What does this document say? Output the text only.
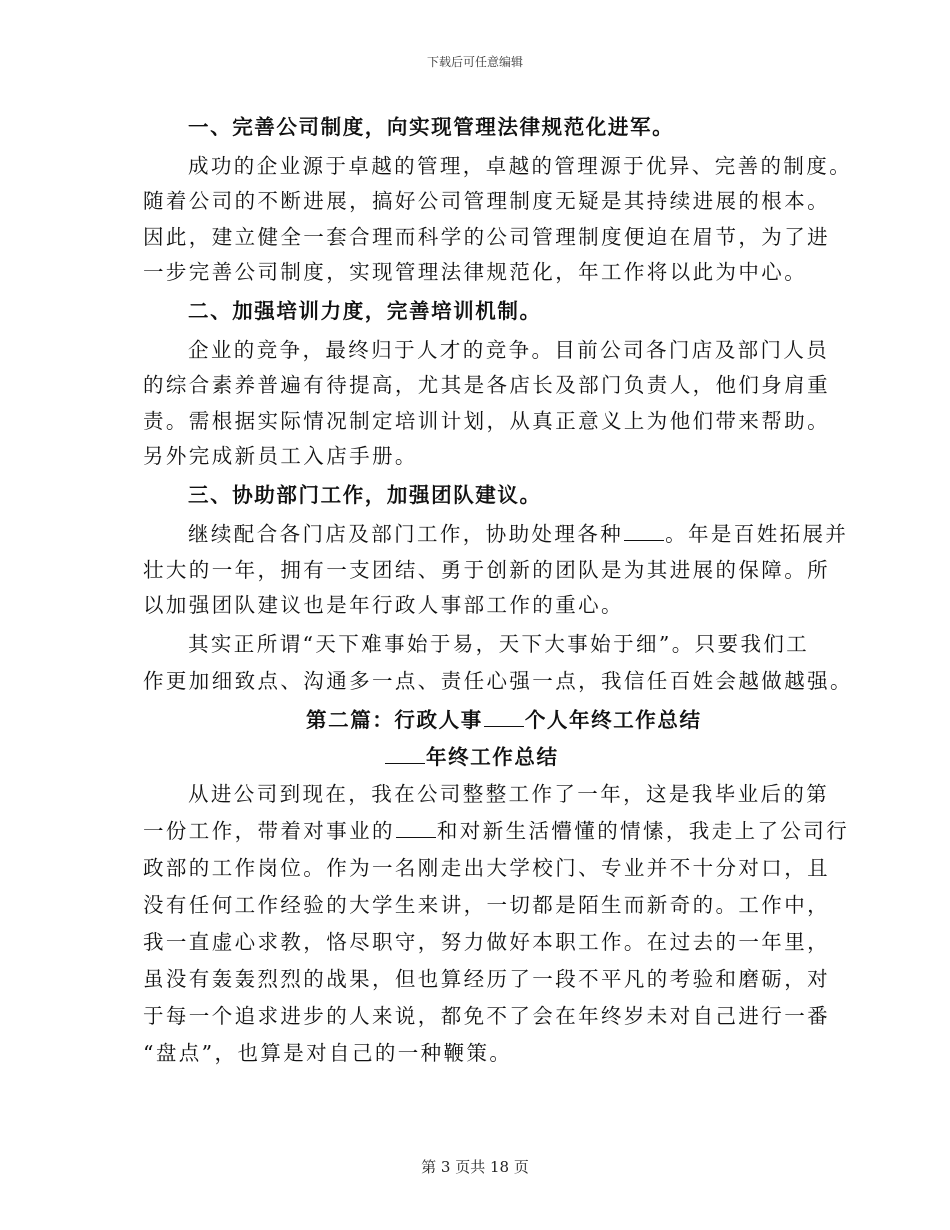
下载后可任意编辑
一、完善公司制度，向实现管理法律规范化进军。
成功的企业源于卓越的管理，卓越的管理源于优异、完善的制度。
随着公司的不断进展，搞好公司管理制度无疑是其持续进展的根本。
因此，建立健全一套合理而科学的公司管理制度便迫在眉节，为了进
一步完善公司制度，实现管理法律规范化，年工作将以此为中心。
二、加强培训力度，完善培训机制。
企业的竞争，最终归于人才的竞争。目前公司各门店及部门人员
的综合素养普遍有待提高，尤其是各店长及部门负责人，他们身肩重
责。需根据实际情况制定培训计划，从真正意义上为他们带来帮助。
另外完成新员工入店手册。
三、协助部门工作，加强团队建议。
继续配合各门店及部门工作，协助处理各种 。年是百姓拓展并
壮大的一年，拥有一支团结、勇于创新的团队是为其进展的保障。所
以加强团队建议也是年行政人事部工作的重心。
其实正所谓“天下难事始于易，天下大事始于细”。只要我们工
作更加细致点、沟通多一点、责任心强一点，我信任百姓会越做越强。
第二篇：行政人事 个人年终工作总结
年终工作总结
从进公司到现在，我在公司整整工作了一年，这是我毕业后的第
一份工作，带着对事业的 和对新生活懵懂的情愫，我走上了公司行
政部的工作岗位。作为一名刚走出大学校门、专业并不十分对口，且
没有任何工作经验的大学生来讲，一切都是陌生而新奇的。工作中，
我一直虚心求教，恪尽职守，努力做好本职工作。在过去的一年里，
虽没有轰轰烈烈的战果，但也算经历了一段不平凡的考验和磨砺，对
于每一个追求进步的人来说，都免不了会在年终岁未对自己进行一番
“盘点”，也算是对自己的一种鞭策。
第 3 页共 18 页
